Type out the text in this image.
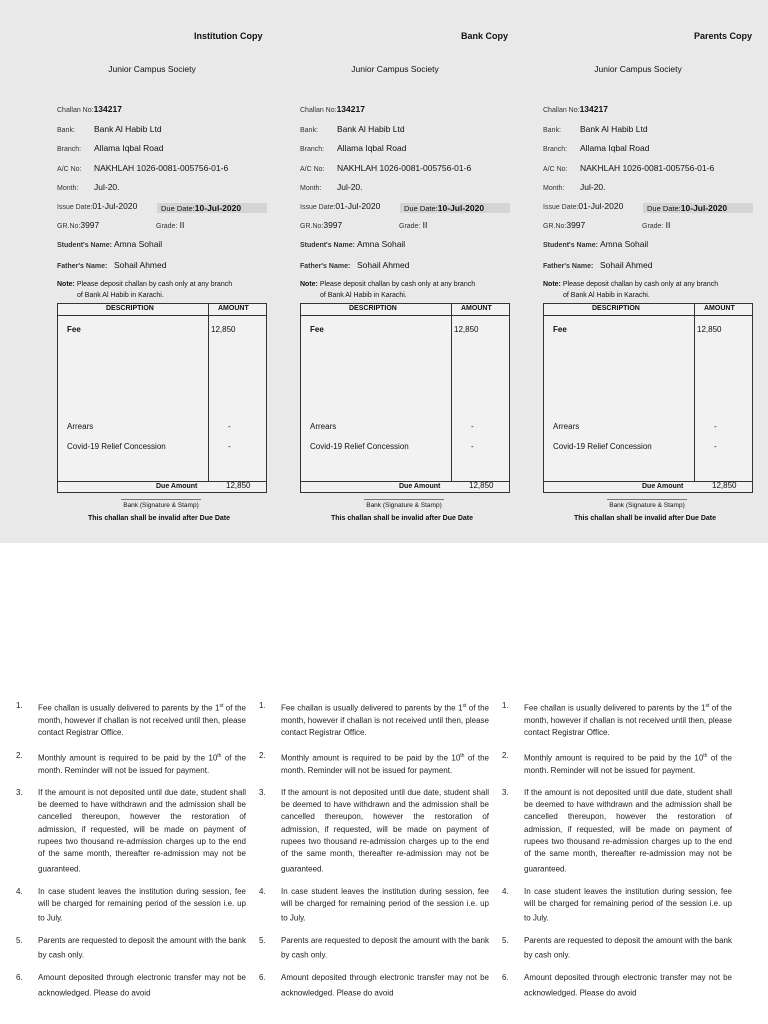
Institution Copy
Junior Campus Society
Challan No:134217
Bank: Bank Al Habib Ltd
Branch: Allama Iqbal Road
A/C No: NAKHLAH 1026-0081-005756-01-6
Month: Jul-20.
Issue Date:01-Jul-2020	Due Date:10-Jul-2020
GR.No:3997	Grade: II
Student's Name: Amna Sohail
Father's Name: Sohail Ahmed
Note: Please deposit challan by cash only at any branch
of Bank Al Habib in Karachi.
DESCRIPTION	AMOUNT
Fee	12,850
Arrears	-
Covid-19 Relief Concession	-
Due Amount	12,850
Bank (Signature & Stamp)
This challan shall be invalid after Due Date
Bank Copy
Junior Campus Society
Challan No:134217
Bank: Bank Al Habib Ltd
Branch: Allama Iqbal Road
A/C No: NAKHLAH 1026-0081-005756-01-6
Month: Jul-20.
Issue Date:01-Jul-2020	Due Date:10-Jul-2020
GR.No:3997	Grade: II
Student's Name: Amna Sohail
Father's Name: Sohail Ahmed
Note: Please deposit challan by cash only at any branch
of Bank Al Habib in Karachi.
DESCRIPTION	AMOUNT
Fee	12,850
Arrears	-
Covid-19 Relief Concession	-
Due Amount	12,850
Bank (Signature & Stamp)
This challan shall be invalid after Due Date
Parents Copy
Junior Campus Society
Challan No:134217
Bank: Bank Al Habib Ltd
Branch: Allama Iqbal Road
A/C No: NAKHLAH 1026-0081-005756-01-6
Month: Jul-20.
Issue Date:01-Jul-2020	Due Date:10-Jul-2020
GR.No:3997	Grade: II
Student's Name: Amna Sohail
Father's Name: Sohail Ahmed
Note: Please deposit challan by cash only at any branch
of Bank Al Habib in Karachi.
DESCRIPTION	AMOUNT
Fee	12,850
Arrears	-
Covid-19 Relief Concession	-
Due Amount	12,850
Bank (Signature & Stamp)
This challan shall be invalid after Due Date
1. Fee challan is usually delivered to parents by the 1st of the month, however if challan is not received until then, please contact Registrar Office.
2. Monthly amount is required to be paid by the 10th of the month. Reminder will not be issued for payment.
3. If the amount is not deposited until due date, student shall be deemed to have withdrawn and the admission shall be cancelled thereupon, however the restoration of admission, if requested, will be made on payment of rupees two thousand re-admission charges up to the end of the same month, thereafter re-admission may not be guaranteed.
4. In case student leaves the institution during session, fee will be charged for remaining period of the session i.e. up to July.
5. Parents are requested to deposit the amount with the bank by cash only.
6. Amount deposited through electronic transfer may not be acknowledged. Please do avoid
1. Fee challan is usually delivered to parents by the 1st of the month, however if challan is not received until then, please contact Registrar Office.
2. Monthly amount is required to be paid by the 10th of the month. Reminder will not be issued for payment.
3. If the amount is not deposited until due date, student shall be deemed to have withdrawn and the admission shall be cancelled thereupon, however the restoration of admission, if requested, will be made on payment of rupees two thousand re-admission charges up to the end of the same month, thereafter re-admission may not be guaranteed.
4. In case student leaves the institution during session, fee will be charged for remaining period of the session i.e. up to July.
5. Parents are requested to deposit the amount with the bank by cash only.
6. Amount deposited through electronic transfer may not be acknowledged. Please do avoid
1. Fee challan is usually delivered to parents by the 1st of the month, however if challan is not received until then, please contact Registrar Office.
2. Monthly amount is required to be paid by the 10th of the month. Reminder will not be issued for payment.
3. If the amount is not deposited until due date, student shall be deemed to have withdrawn and the admission shall be cancelled thereupon, however the restoration of admission, if requested, will be made on payment of rupees two thousand re-admission charges up to the end of the same month, thereafter re-admission may not be guaranteed.
4. In case student leaves the institution during session, fee will be charged for remaining period of the session i.e. up to July.
5. Parents are requested to deposit the amount with the bank by cash only.
6. Amount deposited through electronic transfer may not be acknowledged. Please do avoid
